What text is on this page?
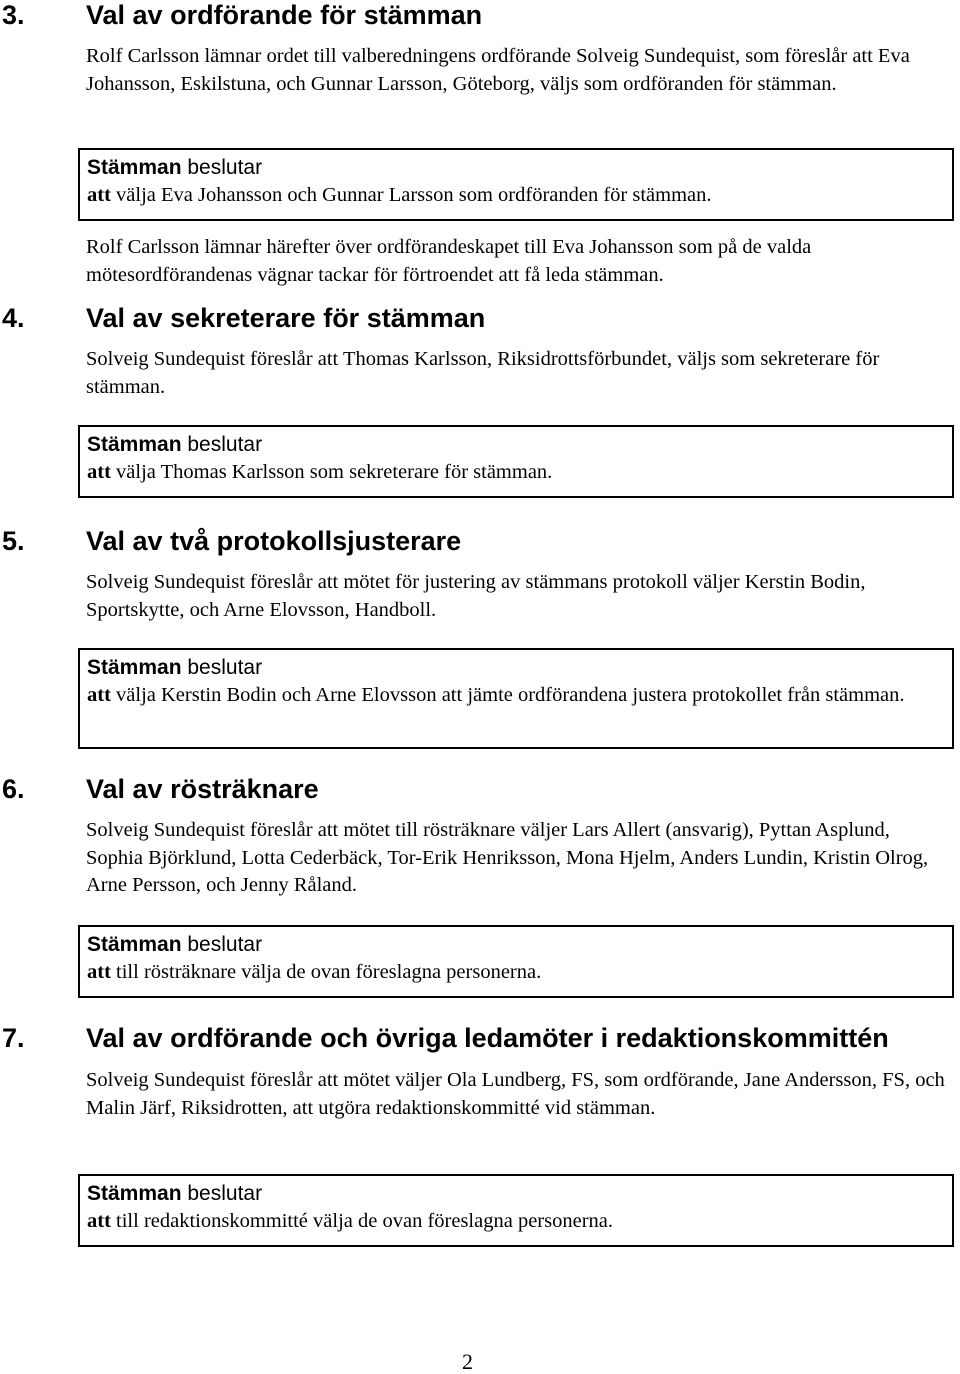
3. Val av ordförande för stämman
Rolf Carlsson lämnar ordet till valberedningens ordförande Solveig Sundequist, som föreslår att Eva Johansson, Eskilstuna, och Gunnar Larsson, Göteborg, väljs som ordföranden för stämman.
Stämman beslutar
att välja Eva Johansson och Gunnar Larsson som ordföranden för stämman.
Rolf Carlsson lämnar härefter över ordförandeskapet till Eva Johansson som på de valda mötesordförandenas vägnar tackar för förtroendet att få leda stämman.
4. Val av sekreterare för stämman
Solveig Sundequist föreslår att Thomas Karlsson, Riksidrottsförbundet, väljs som sekreterare för stämman.
Stämman beslutar
att välja Thomas Karlsson som sekreterare för stämman.
5. Val av två protokollsjusterare
Solveig Sundequist föreslår att mötet för justering av stämmans protokoll väljer Kerstin Bodin, Sportskytte, och Arne Elovsson, Handboll.
Stämman beslutar
att välja Kerstin Bodin och Arne Elovsson att jämte ordförandena justera protokollet från stämman.
6. Val av rösträknare
Solveig Sundequist föreslår att mötet till rösträknare väljer Lars Allert (ansvarig), Pyttan Asplund, Sophia Björklund, Lotta Cederbäck, Tor-Erik Henriksson, Mona Hjelm, Anders Lundin, Kristin Olrog, Arne Persson, och Jenny Råland.
Stämman beslutar
att till rösträknare välja de ovan föreslagna personerna.
7. Val av ordförande och övriga ledamöter i redaktionskommittén
Solveig Sundequist föreslår att mötet väljer Ola Lundberg, FS, som ordförande, Jane Andersson, FS, och Malin Järf, Riksidrotten, att utgöra redaktionskommitté vid stämman.
Stämman beslutar
att till redaktionskommitté välja de ovan föreslagna personerna.
2
